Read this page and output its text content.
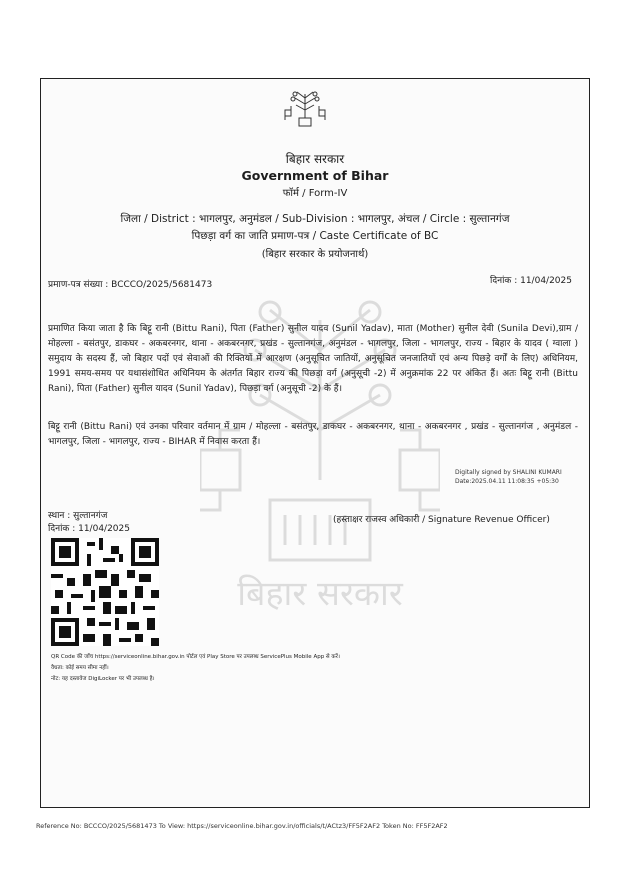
बिहार सरकार
Government of Bihar
फॉर्म / Form-IV
जिला / District : भागलपुर, अनुमंडल / Sub-Division : भागलपुर, अंचल / Circle : सुल्तानगंज
पिछड़ा वर्ग का जाति प्रमाण-पत्र / Caste Certificate of BC
(बिहार सरकार के प्रयोजनार्थ)
प्रमाण-पत्र संख्या : BCCCO/2025/5681473	दिनांक : 11/04/2025
बिहार सरकार
प्रमाणित किया जाता है कि बिट्टू रानी (Bittu Rani), पिता (Father) सुनील यादव (Sunil Yadav), माता (Mother) सुनील देवी (Sunila Devi),ग्राम / मोहल्ला - बसंतपुर, डाकघर - अकबरनगर, थाना - अकबरनगर, प्रखंड - सुल्तानगंज, अनुमंडल - भागलपुर, जिला - भागलपुर, राज्य - बिहार के यादव ( ग्वाला ) समुदाय के सदस्य हैं, जो बिहार पदों एवं सेवाओं की रिक्तियों में आरक्षण (अनुसूचित जातियों, अनुसूचित जनजातियों एवं अन्य पिछड़े वर्गों के लिए) अधिनियम, 1991 समय-समय पर यथासंशोधित अधिनियम के अंतर्गत बिहार राज्य की पिछड़ा वर्ग (अनुसूची -2) में अनुक्रमांक 22 पर अंकित हैं। अतः बिट्टू रानी (Bittu Rani), पिता (Father) सुनील यादव (Sunil Yadav), पिछड़ा वर्ग (अनुसूची -2) के हैं।
बिट्टू रानी (Bittu Rani) एवं उनका परिवार वर्तमान में ग्राम / मोहल्ला - बसंतपुर, डाकघर - अकबरनगर, थाना - अकबरनगर , प्रखंड - सुल्तानगंज , अनुमंडल - भागलपुर, जिला - भागलपुर, राज्य - BIHAR में निवास करता हैं।
Digitally signed by SHALINI KUMARI
Date:2025.04.11 11:08:35 +05:30
स्थान : सुल्तानगंज
दिनांक : 11/04/2025
(हस्ताक्षर राजस्व अधिकारी / Signature Revenue Officer)
QR Code की जाँच https://serviceonline.bihar.gov.in पोर्टल एवं Play Store पर उपलब्ध ServicePlus Mobile App से करें।
वैधता: कोई समय सीमा नहीं।
नोट: यह दस्तावेज DigiLocker पर भी उपलब्ध है।
Reference No: BCCCO/2025/5681473 To View: https://serviceonline.bihar.gov.in/officials/t/ACtz3/FF5F2AF2 Token No: FF5F2AF2
